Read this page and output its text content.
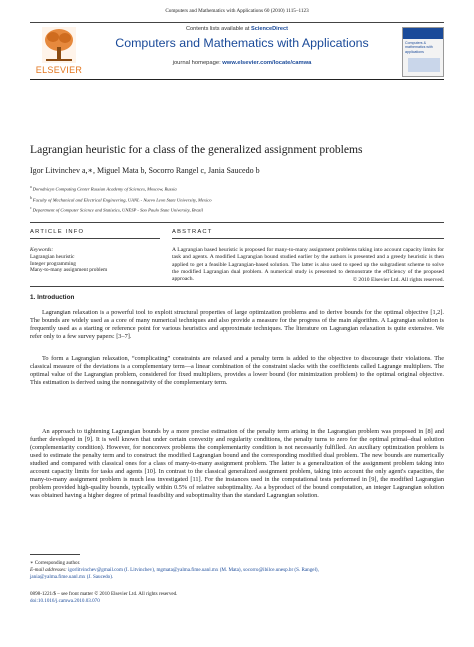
Computers and Mathematics with Applications 60 (2010) 1115–1123
ELSEVIER
Contents lists available at ScienceDirect
Computers and Mathematics with Applications
journal homepage: www.elsevier.com/locate/camwa
Computers & mathematics with applications
Lagrangian heuristic for a class of the generalized assignment problems
Igor Litvinchev a,∗, Miguel Mata b, Socorro Rangel c, Jania Saucedo b
$^a$Dorodnicyn Computing Center Russian Academy of Sciences, Moscow, Russia
$^b$Faculty of Mechanical and Electrical Engineering, UANL - Nuevo Leon State University, Mexico
$^c$Department of Computer Science and Statistics, UNESP - Sao Paulo State University, Brazil
ARTICLE INFO	ABSTRACT
Keywords:
Lagrangian heuristic
Integer programming
Many-to-many assignment problem
A Lagrangian based heuristic is proposed for many-to-many assignment problems taking into account capacity limits for task and agents. A modified Lagrangian bound studied earlier by the authors is presented and a greedy heuristic is then applied to get a feasible Lagrangian-based solution. The latter is also used to speed up the subgradient scheme to solve the modified Lagrangian dual problem. A numerical study is presented to demonstrate the efficiency of the proposed approach.	© 2010 Elsevier Ltd. All rights reserved.
1. Introduction
Lagrangian relaxation is a powerful tool to exploit structural properties of large optimization problems and to derive bounds for the optimal objective [1,2]. The bounds are widely used as a core of many numerical techniques and also provide a measure for the progress of the main algorithm. A Lagrangian solution is frequently used as a starting or reference point for various heuristics and approximate techniques. The literature on Lagrangian relaxation is quite extensive. We refer only to a few survey papers: [3–7].
To form a Lagrangian relaxation, “complicating” constraints are relaxed and a penalty term is added to the objective to discourage their violations. The classical measure of the deviations is a complementary term—a linear combination of the constraint slacks with the coefficients called Lagrange multipliers. The optimal value of the Lagrangian problem, considered for fixed multipliers, provides a lower bound (for minimization problem) to the optimal original objective. This estimation is derived using the nonnegativity of the complementary term.
An approach to tightening Lagrangian bounds by a more precise estimation of the penalty term arising in the Lagrangian problem was proposed in [8] and further developed in [9]. It is well known that under certain convexity and regularity conditions, the penalty turns to zero for the optimal primal–dual solution (complementarity condition). However, for nonconvex problems the complementarity condition is not necessarily fulfilled. An auxiliary optimization problem is used to estimate the penalty term and to construct the modified Lagrangian bound and the corresponding modified dual problem. The new bounds are numerically studied and compared with classical ones for a class of many-to-many assignment problem. The latter is a generalization of the assignment problem taking into account capacity limits for tasks and agents [10]. In contrast to the classical generalized assignment problem, taking into account the only agent's capacities, the many-to-many assignment problem is much less investigated [11]. For the instances used in the computational tests performed in [9], the modified Lagrangian problem provided high-quality bounds, typically within 0.5% of relative suboptimality. As a byproduct of the bound computation, an integer Lagrangian solution was obtained having a higher degree of primal feasibility and suboptimality than the standard Lagrangian solution.
∗ Corresponding author.
E-mail addresses: igorlitvinchev@gmail.com (I. Litvinchev), mgmata@yalma.fime.uanl.mx (M. Mata), socorro@ibilce.unesp.br (S. Rangel),
jania@yalma.fime.uanl.mx (J. Saucedo).
0898-1221/$ – see front matter © 2010 Elsevier Ltd. All rights reserved.
doi:10.1016/j.camwa.2010.03.070
